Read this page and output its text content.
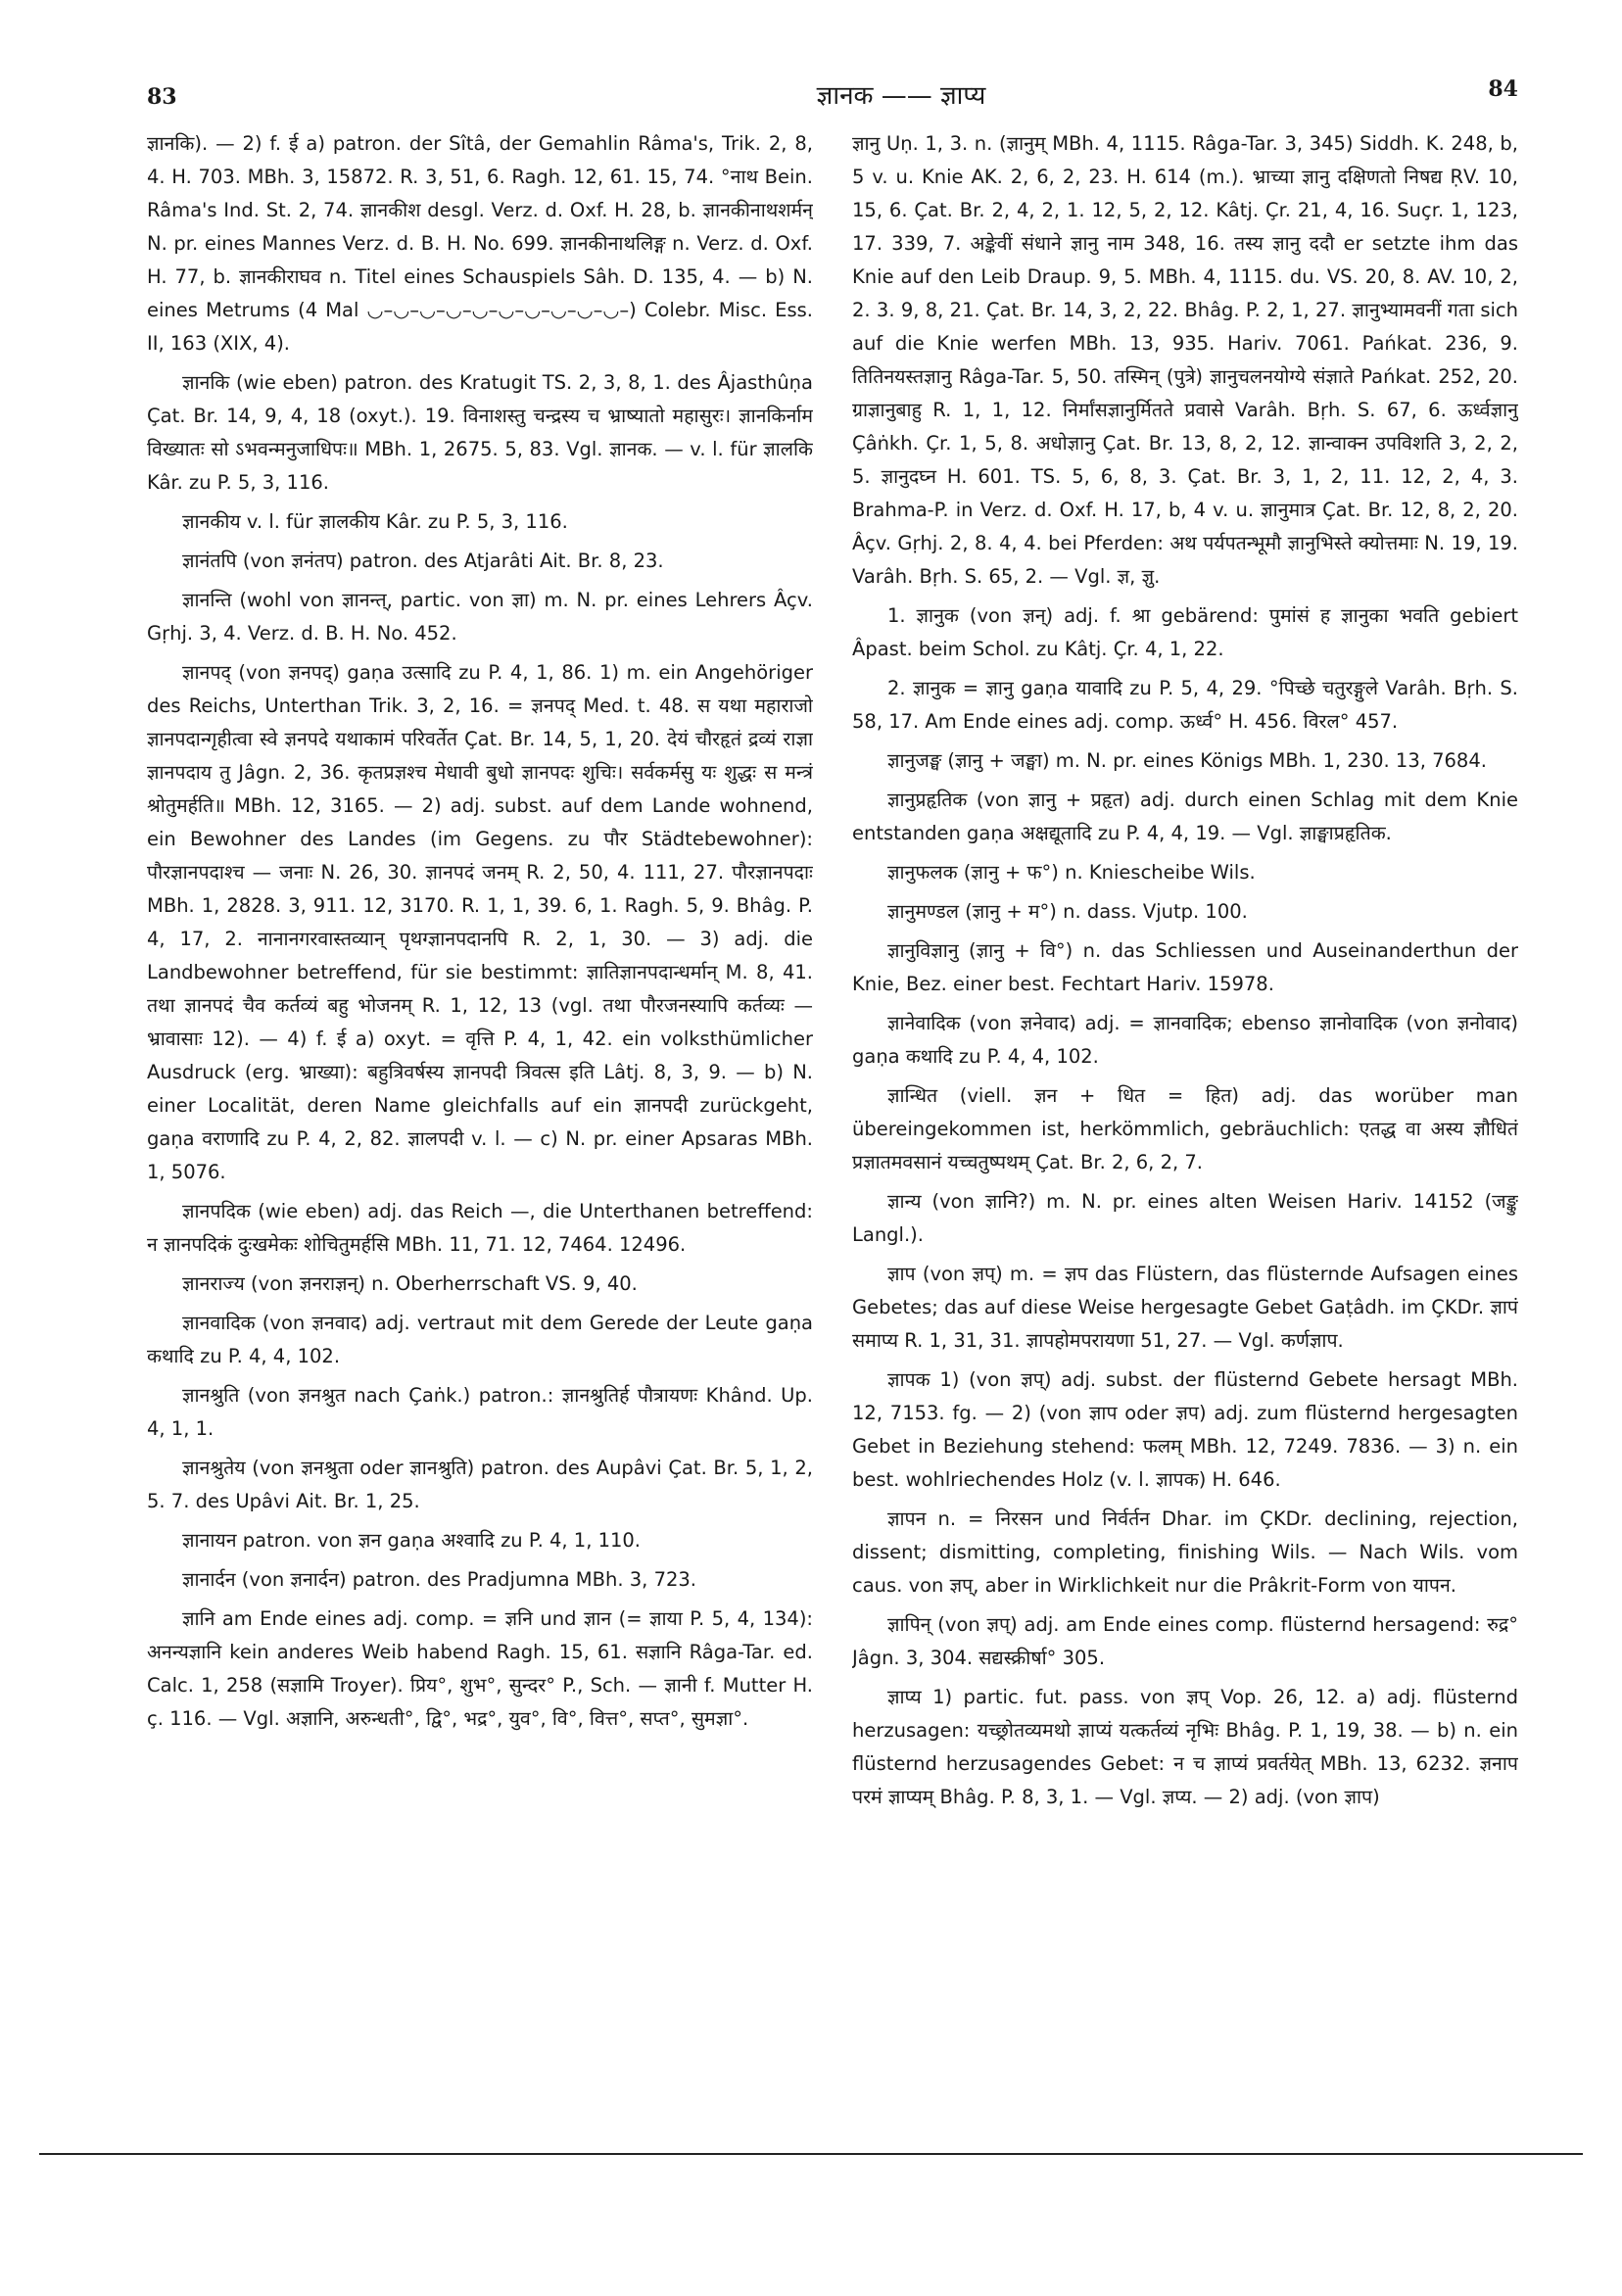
83	ज्ञानक —— ज्ञाप्य	84

ज्ञानकि). — 2) f. ई a) patron. der Sîtâ, der Gemahlin Râma's, Trik. 2, 8, 4. H. 703. MBh. 3, 15872. R. 3, 51, 6. Ragh. 12, 61. 15, 74. °नाथ Bein. Râma's Ind. St. 2, 74. ज्ञानकीश desgl. Verz. d. Oxf. H. 28, b. ज्ञानकीनाथशर्मन् N. pr. eines Mannes Verz. d. B. H. No. 699. ज्ञानकीनाथलिङ्ग n. Verz. d. Oxf. H. 77, b. ज्ञानकीराघव n. Titel eines Schauspiels Sâh. D. 135, 4. — b) N. eines Metrums (4 Mal ◡–◡–◡–◡–◡–◡–◡–◡–◡–◡–) Colebr. Misc. Ess. II, 163 (XIX, 4).

ज्ञानकि (wie eben) patron. des Kratugit TS. 2, 3, 8, 1. des Âjasthûṇa Çat. Br. 14, 9, 4, 18 (oxyt.). 19. विनाशस्तु चन्द्रस्य च भ्राष्यातो महासुरः। ज्ञानकिर्नाम विख्यातः सो ऽभवन्मनुजाधिपः॥ MBh. 1, 2675. 5, 83. Vgl. ज्ञानक. — v. l. für ज्ञालकि Kâr. zu P. 5, 3, 116.

ज्ञानकीय v. l. für ज्ञालकीय Kâr. zu P. 5, 3, 116.

ज्ञानंतपि (von ज्ञनंतप) patron. des Atjarâti Ait. Br. 8, 23.

ज्ञानन्ति (wohl von ज्ञानन्त्, partic. von ज्ञा) m. N. pr. eines Lehrers Âçv. Gṛhj. 3, 4. Verz. d. B. H. No. 452.

ज्ञानपद् (von ज्ञनपद्) gaṇa उत्सादि zu P. 4, 1, 86. 1) m. ein Angehöriger des Reichs, Unterthan Trik. 3, 2, 16. = ज्ञनपद् Med. t. 48. स यथा महाराजो ज्ञानपदान्गृहीत्वा स्वे ज्ञनपदे यथाकामं परिवर्तेत Çat. Br. 14, 5, 1, 20. देयं चौरहृतं द्रव्यं राज्ञा ज्ञानपदाय तु Jâgn. 2, 36. कृतप्रज्ञश्च मेधावी बुधो ज्ञानपदः शुचिः। सर्वकर्मसु यः शुद्धः स मन्त्रं श्रोतुमर्हति॥ MBh. 12, 3165. — 2) adj. subst. auf dem Lande wohnend, ein Bewohner des Landes (im Gegens. zu पौर Städtebewohner): पौरज्ञानपदाश्च — जनाः N. 26, 30. ज्ञानपदं जनम् R. 2, 50, 4. 111, 27. पौरज्ञानपदाः MBh. 1, 2828. 3, 911. 12, 3170. R. 1, 1, 39. 6, 1. Ragh. 5, 9. Bhâg. P. 4, 17, 2. नानानगरवास्तव्यान् पृथग्ज्ञानपदानपि R. 2, 1, 30. — 3) adj. die Landbewohner betreffend, für sie bestimmt: ज्ञातिज्ञानपदान्धर्मान् M. 8, 41. तथा ज्ञानपदं चैव कर्तव्यं बहु भोजनम् R. 1, 12, 13 (vgl. तथा पौरजनस्यापि कर्तव्यः — भ्रावासाः 12). — 4) f. ई a) oxyt. = वृत्ति P. 4, 1, 42. ein volksthümlicher Ausdruck (erg. भ्राख्या): बहुत्रिवर्षस्य ज्ञानपदी त्रिवत्स इति Lâtj. 8, 3, 9. — b) N. einer Localität, deren Name gleichfalls auf ein ज्ञानपदी zurückgeht, gaṇa वराणादि zu P. 4, 2, 82. ज्ञालपदी v. l. — c) N. pr. einer Apsaras MBh. 1, 5076.

ज्ञानपदिक (wie eben) adj. das Reich —, die Unterthanen betreffend: न ज्ञानपदिकं दुःखमेकः शोचितुमर्हसि MBh. 11, 71. 12, 7464. 12496.

ज्ञानराज्य (von ज्ञनराज्ञन्) n. Oberherrschaft VS. 9, 40.

ज्ञानवादिक (von ज्ञनवाद) adj. vertraut mit dem Gerede der Leute gaṇa कथादि zu P. 4, 4, 102.

ज्ञानश्रुति (von ज्ञनश्रुत nach Çaṅk.) patron.: ज्ञानश्रुतिर्ह पौत्रायणः Khând. Up. 4, 1, 1.

ज्ञानश्रुतेय (von ज्ञनश्रुता oder ज्ञानश्रुति) patron. des Aupâvi Çat. Br. 5, 1, 2, 5. 7. des Upâvi Ait. Br. 1, 25.

ज्ञानायन patron. von ज्ञन gaṇa अश्वादि zu P. 4, 1, 110.

ज्ञानार्दन (von ज्ञनार्दन) patron. des Pradjumna MBh. 3, 723.

ज्ञानि am Ende eines adj. comp. = ज्ञनि und ज्ञान (= ज्ञाया P. 5, 4, 134): अनन्यज्ञानि kein anderes Weib habend Ragh. 15, 61. सज्ञानि Râga-Tar. ed. Calc. 1, 258 (सज्ञामि Troyer). प्रिय°, शुभ°, सुन्दर° P., Sch. — ज्ञानी f. Mutter H. ç. 116. — Vgl. अज्ञानि, अरुन्धती°, द्वि°, भद्र°, युव°, वि°, वित्त°, सप्त°, सुमज्ञा°.

ज्ञानु Uṇ. 1, 3. n. (ज्ञानुम् MBh. 4, 1115. Râga-Tar. 3, 345) Siddh. K. 248, b, 5 v. u. Knie AK. 2, 6, 2, 23. H. 614 (m.). भ्राच्या ज्ञानु दक्षिणतो निषद्य ṚV. 10, 15, 6. Çat. Br. 2, 4, 2, 1. 12, 5, 2, 12. Kâtj. Çr. 21, 4, 16. Suçr. 1, 123, 17. 339, 7. अङ्केवीं संधाने ज्ञानु नाम 348, 16. तस्य ज्ञानु ददौ er setzte ihm das Knie auf den Leib Draup. 9, 5. MBh. 4, 1115. du. VS. 20, 8. AV. 10, 2, 2. 3. 9, 8, 21. Çat. Br. 14, 3, 2, 22. Bhâg. P. 2, 1, 27. ज्ञानुभ्यामवनीं गता sich auf die Knie werfen MBh. 13, 935. Hariv. 7061. Pańkat. 236, 9. तितिनयस्तज्ञानु Râga-Tar. 5, 50. तस्मिन् (पुत्रे) ज्ञानुचलनयोग्ये संज्ञाते Pańkat. 252, 20. ग्राज्ञानुबाहु R. 1, 1, 12. निर्मांसज्ञानुर्मितते प्रवासे Varâh. Bṛh. S. 67, 6. ऊर्ध्वज्ञानु Çâṅkh. Çr. 1, 5, 8. अधोज्ञानु Çat. Br. 13, 8, 2, 12. ज्ञान्वाक्न उपविशति 3, 2, 2, 5. ज्ञानुदघ्न H. 601. TS. 5, 6, 8, 3. Çat. Br. 3, 1, 2, 11. 12, 2, 4, 3. Brahma-P. in Verz. d. Oxf. H. 17, b, 4 v. u. ज्ञानुमात्र Çat. Br. 12, 8, 2, 20. Âçv. Gṛhj. 2, 8. 4, 4. bei Pferden: अथ पर्यपतन्भूमौ ज्ञानुभिस्ते क्योत्तमाः N. 19, 19. Varâh. Bṛh. S. 65, 2. — Vgl. ज्ञ, ज्ञु.

1. ज्ञानुक (von ज्ञन्) adj. f. श्रा gebärend: पुमांसं ह ज्ञानुका भवति gebiert Âpast. beim Schol. zu Kâtj. Çr. 4, 1, 22.

2. ज्ञानुक = ज्ञानु gaṇa यावादि zu P. 5, 4, 29. °पिच्छे चतुरङ्गुले Varâh. Bṛh. S. 58, 17. Am Ende eines adj. comp. ऊर्ध्व° H. 456. विरल° 457.

ज्ञानुजङ्घ (ज्ञानु + जङ्घा) m. N. pr. eines Königs MBh. 1, 230. 13, 7684.

ज्ञानुप्रहृतिक (von ज्ञानु + प्रहृत) adj. durch einen Schlag mit dem Knie entstanden gaṇa अक्षद्यूतादि zu P. 4, 4, 19. — Vgl. ज्ञाङ्घाप्रहृतिक.

ज्ञानुफलक (ज्ञानु + फ°) n. Kniescheibe Wils.

ज्ञानुमण्डल (ज्ञानु + म°) n. dass. Vjutp. 100.

ज्ञानुविज्ञानु (ज्ञानु + वि°) n. das Schliessen und Auseinanderthun der Knie, Bez. einer best. Fechtart Hariv. 15978.

ज्ञानेवादिक (von ज्ञनेवाद) adj. = ज्ञानवादिक; ebenso ज्ञानोवादिक (von ज्ञनोवाद) gaṇa कथादि zu P. 4, 4, 102.

ज्ञान्धित (viell. ज्ञन + धित = हित) adj. das worüber man übereingekommen ist, herkömmlich, gebräuchlich: एतद्ध वा अस्य ज्ञौधितं प्रज्ञातमवसानं यच्चतुष्पथम् Çat. Br. 2, 6, 2, 7.

ज्ञान्य (von ज्ञानि?) m. N. pr. eines alten Weisen Hariv. 14152 (जङ्कु Langl.).

ज्ञाप (von ज्ञप्) m. = ज्ञप das Flüstern, das flüsternde Aufsagen eines Gebetes; das auf diese Weise hergesagte Gebet Gaṭâdh. im ÇKDr. ज्ञापं समाप्य R. 1, 31, 31. ज्ञापहोमपरायणा 51, 27. — Vgl. कर्णज्ञाप.

ज्ञापक 1) (von ज्ञप्) adj. subst. der flüsternd Gebete hersagt MBh. 12, 7153. fg. — 2) (von ज्ञाप oder ज्ञप) adj. zum flüsternd hergesagten Gebet in Beziehung stehend: फलम् MBh. 12, 7249. 7836. — 3) n. ein best. wohlriechendes Holz (v. l. ज्ञापक) H. 646.

ज्ञापन n. = निरसन und निर्वर्तन Dhar. im ÇKDr. declining, rejection, dissent; dismitting, completing, finishing Wils. — Nach Wils. vom caus. von ज्ञप्, aber in Wirklichkeit nur die Prâkrit-Form von यापन.

ज्ञापिन् (von ज्ञप्) adj. am Ende eines comp. flüsternd hersagend: रुद्र° Jâgn. 3, 304. सद्यस्क्रीर्षा° 305.

ज्ञाप्य 1) partic. fut. pass. von ज्ञप् Vop. 26, 12. a) adj. flüsternd herzusagen: यच्छ्रोतव्यमथो ज्ञाप्यं यत्कर्तव्यं नृभिः Bhâg. P. 1, 19, 38. — b) n. ein flüsternd herzusagendes Gebet: न च ज्ञाप्यं प्रवर्तयेत् MBh. 13, 6232. ज्ञनाप परमं ज्ञाप्यम् Bhâg. P. 8, 3, 1. — Vgl. ज्ञप्य. — 2) adj. (von ज्ञाप)
